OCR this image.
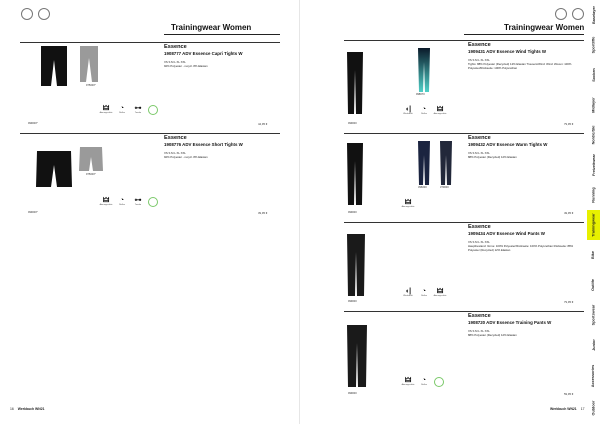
Trainingwear Women
975000*
Essence
1908777 ADV Essence Capri Tights W
XS S M L XL XXL
92% Polyester - recycl. 8% Elastan
🜲
Atmungs-aktiv
◔
Reflex
⊶
Tasche
999000*	44,95 €
975000*
Essence
1908776 ADV Essence Short Tights W
XS S M L XL XXL
92% Polyester - recycl. 8% Elastan
🜲
Atmungs-aktiv
◔
Reflex
⊶
Tasche
999000*	39,95 €
16 Werkbuch WN21
Trainingwear Women
998670
Essence
1909431 ADV Essence Wind Tights W
XS S M L XL XXL
Tights: 88% Polyester (Recycled) 12% Elastan Trousers/Wind: Wind: Woven: 100% Polyester/Rückseite: 100% Polyurethan
◖|
Wind-dicht
◔
Reflex
🜲
Atmungs-aktiv
999000	79,95 €
396000	370000
Essence
1909432 ADV Essence Warm Tights W
XS S M L XL XXL
88% Polyester (Recycled) 12% Elastan
🜲
Atmungs-aktiv
999000	49,95 €
Essence
1909434 ADV Essence Wind Pants W
XS S M L XL XXL
Hauptbestand: Vorne: 100% Polyester/Rückseite: 100% Polyurethan Rückseite: 88% Polyester (Recycled) 12% Elastan
◖|
Wind-dicht
◔
Reflex
🜲
Atmungs-aktiv
999000	79,95 €
Essence
1908720 ADV Essence Training Pants W
XS S M L XL XXL
88% Polyester (Recycled) 12% Elastan
🜲
Atmungs-aktiv
◔
Reflex
999000	59,95 €
Werkbuch WN21 17
Baselayer
Sportliffe
Socken
Midlayer
Nordic/Ski
Freizeitwear
Running
Trainingwear
Bike
Outlife
Sportswear
Junior
Accessories
Outdoor
